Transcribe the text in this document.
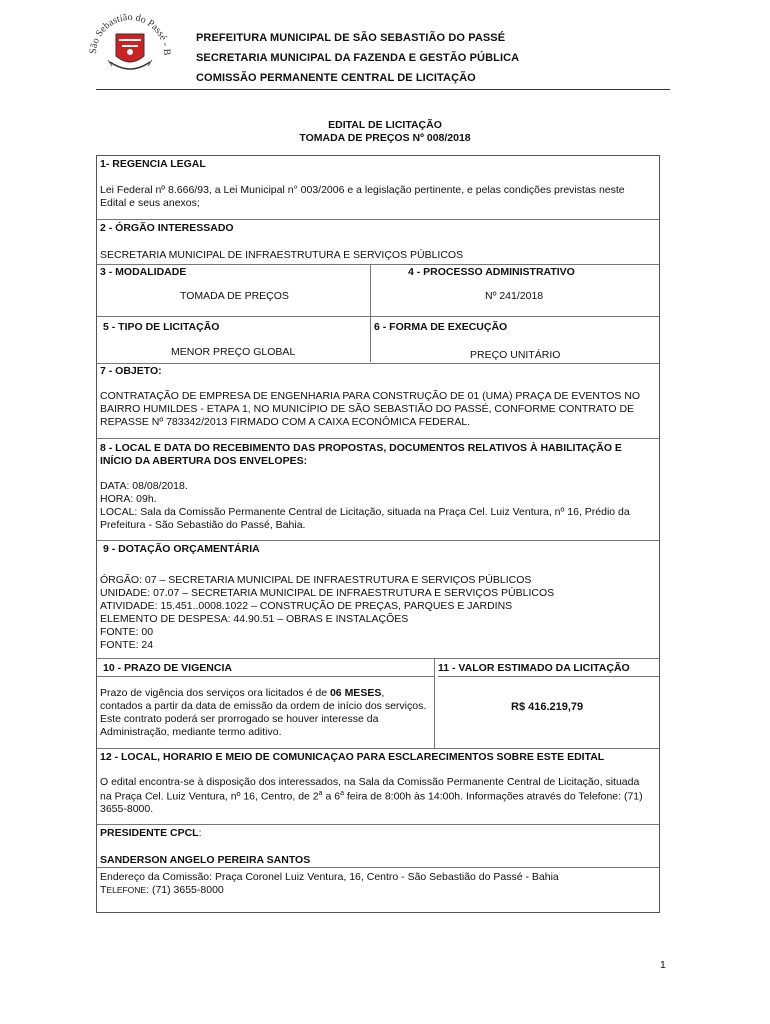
São Sebastião do Passé - B
PREFEITURA MUNICIPAL DE SÃO SEBASTIÃO DO PASSÉ
SECRETARIA MUNICIPAL DA FAZENDA E GESTÃO PÚBLICA
COMISSÃO PERMANENTE CENTRAL DE LICITAÇÃO
EDITAL DE LICITAÇÃO
TOMADA DE PREÇOS Nº 008/2018
1- REGENCIA LEGAL
Lei Federal nº 8.666/93, a Lei Municipal n° 003/2006 e a legislação pertinente, e pelas condições previstas neste
Edital e seus anexos;
2 - ÓRGÃO INTERESSADO
SECRETARIA MUNICIPAL DE INFRAESTRUTURA E SERVIÇOS PÚBLICOS
3 - MODALIDADE	4 - PROCESSO ADMINISTRATIVO
TOMADA DE PREÇOS	Nº 241/2018
5 - TIPO DE LICITAÇÃO	6 - FORMA DE EXECUÇÃO
MENOR PREÇO GLOBAL	PREÇO UNITÁRIO
7 - OBJETO:
CONTRATAÇÃO DE EMPRESA DE ENGENHARIA PARA CONSTRUÇÃO DE 01 (UMA) PRAÇA DE EVENTOS NO
BAIRRO HUMILDES - ETAPA 1, NO MUNICÍPIO DE SÃO SEBASTIÃO DO PASSÉ, CONFORME CONTRATO DE
REPASSE Nº 783342/2013 FIRMADO COM A CAIXA ECONÔMICA FEDERAL.
8 - LOCAL E DATA DO RECEBIMENTO DAS PROPOSTAS, DOCUMENTOS RELATIVOS À HABILITAÇÃO E
INÍCIO DA ABERTURA DOS ENVELOPES:
DATA: 08/08/2018.
HORA: 09h.
LOCAL: Sala da Comissão Permanente Central de Licitação, situada na Praça Cel. Luiz Ventura, nº 16, Prédio da
Prefeitura - São Sebastião do Passé, Bahia.
9 - DOTAÇÃO ORÇAMENTÁRIA
ÓRGÃO: 07 – SECRETARIA MUNICIPAL DE INFRAESTRUTURA E SERVIÇOS PÚBLICOS
UNIDADE: 07.07 – SECRETARIA MUNICIPAL DE INFRAESTRUTURA E SERVIÇOS PÚBLICOS
ATIVIDADE: 15.451..0008.1022 – CONSTRUÇÃO DE PREÇAS, PARQUES E JARDINS
ELEMENTO DE DESPESA: 44.90.51 – OBRAS E INSTALAÇÕES
FONTE: 00
FONTE: 24
10 - PRAZO DE VIGENCIA	11 - VALOR ESTIMADO DA LICITAÇÃO
Prazo de vigência dos serviços ora licitados é de 06 MESES,
contados a partir da data de emissão da ordem de início dos serviços.
Este contrato poderá ser prorrogado se houver interesse da
Administração, mediante termo aditivo.
R$ 416.219,79
12 - LOCAL, HORARIO E MEIO DE COMUNICAÇAO PARA ESCLARECIMENTOS SOBRE ESTE EDITAL
O edital encontra-se à disposição dos interessados, na Sala da Comissão Permanente Central de Licitação, situada
na Praça Cel. Luiz Ventura, nº 16, Centro, de 2$^a$ a 6$^a$ feira de 8:00h às 14:00h. Informações através do Telefone: (71)
3655-8000.
PRESIDENTE CPCL:
SANDERSON ANGELO PEREIRA SANTOS
Endereço da Comissão: Praça Coronel Luiz Ventura, 16, Centro - São Sebastião do Passé - Bahia
TELEFONE: (71) 3655-8000
1
